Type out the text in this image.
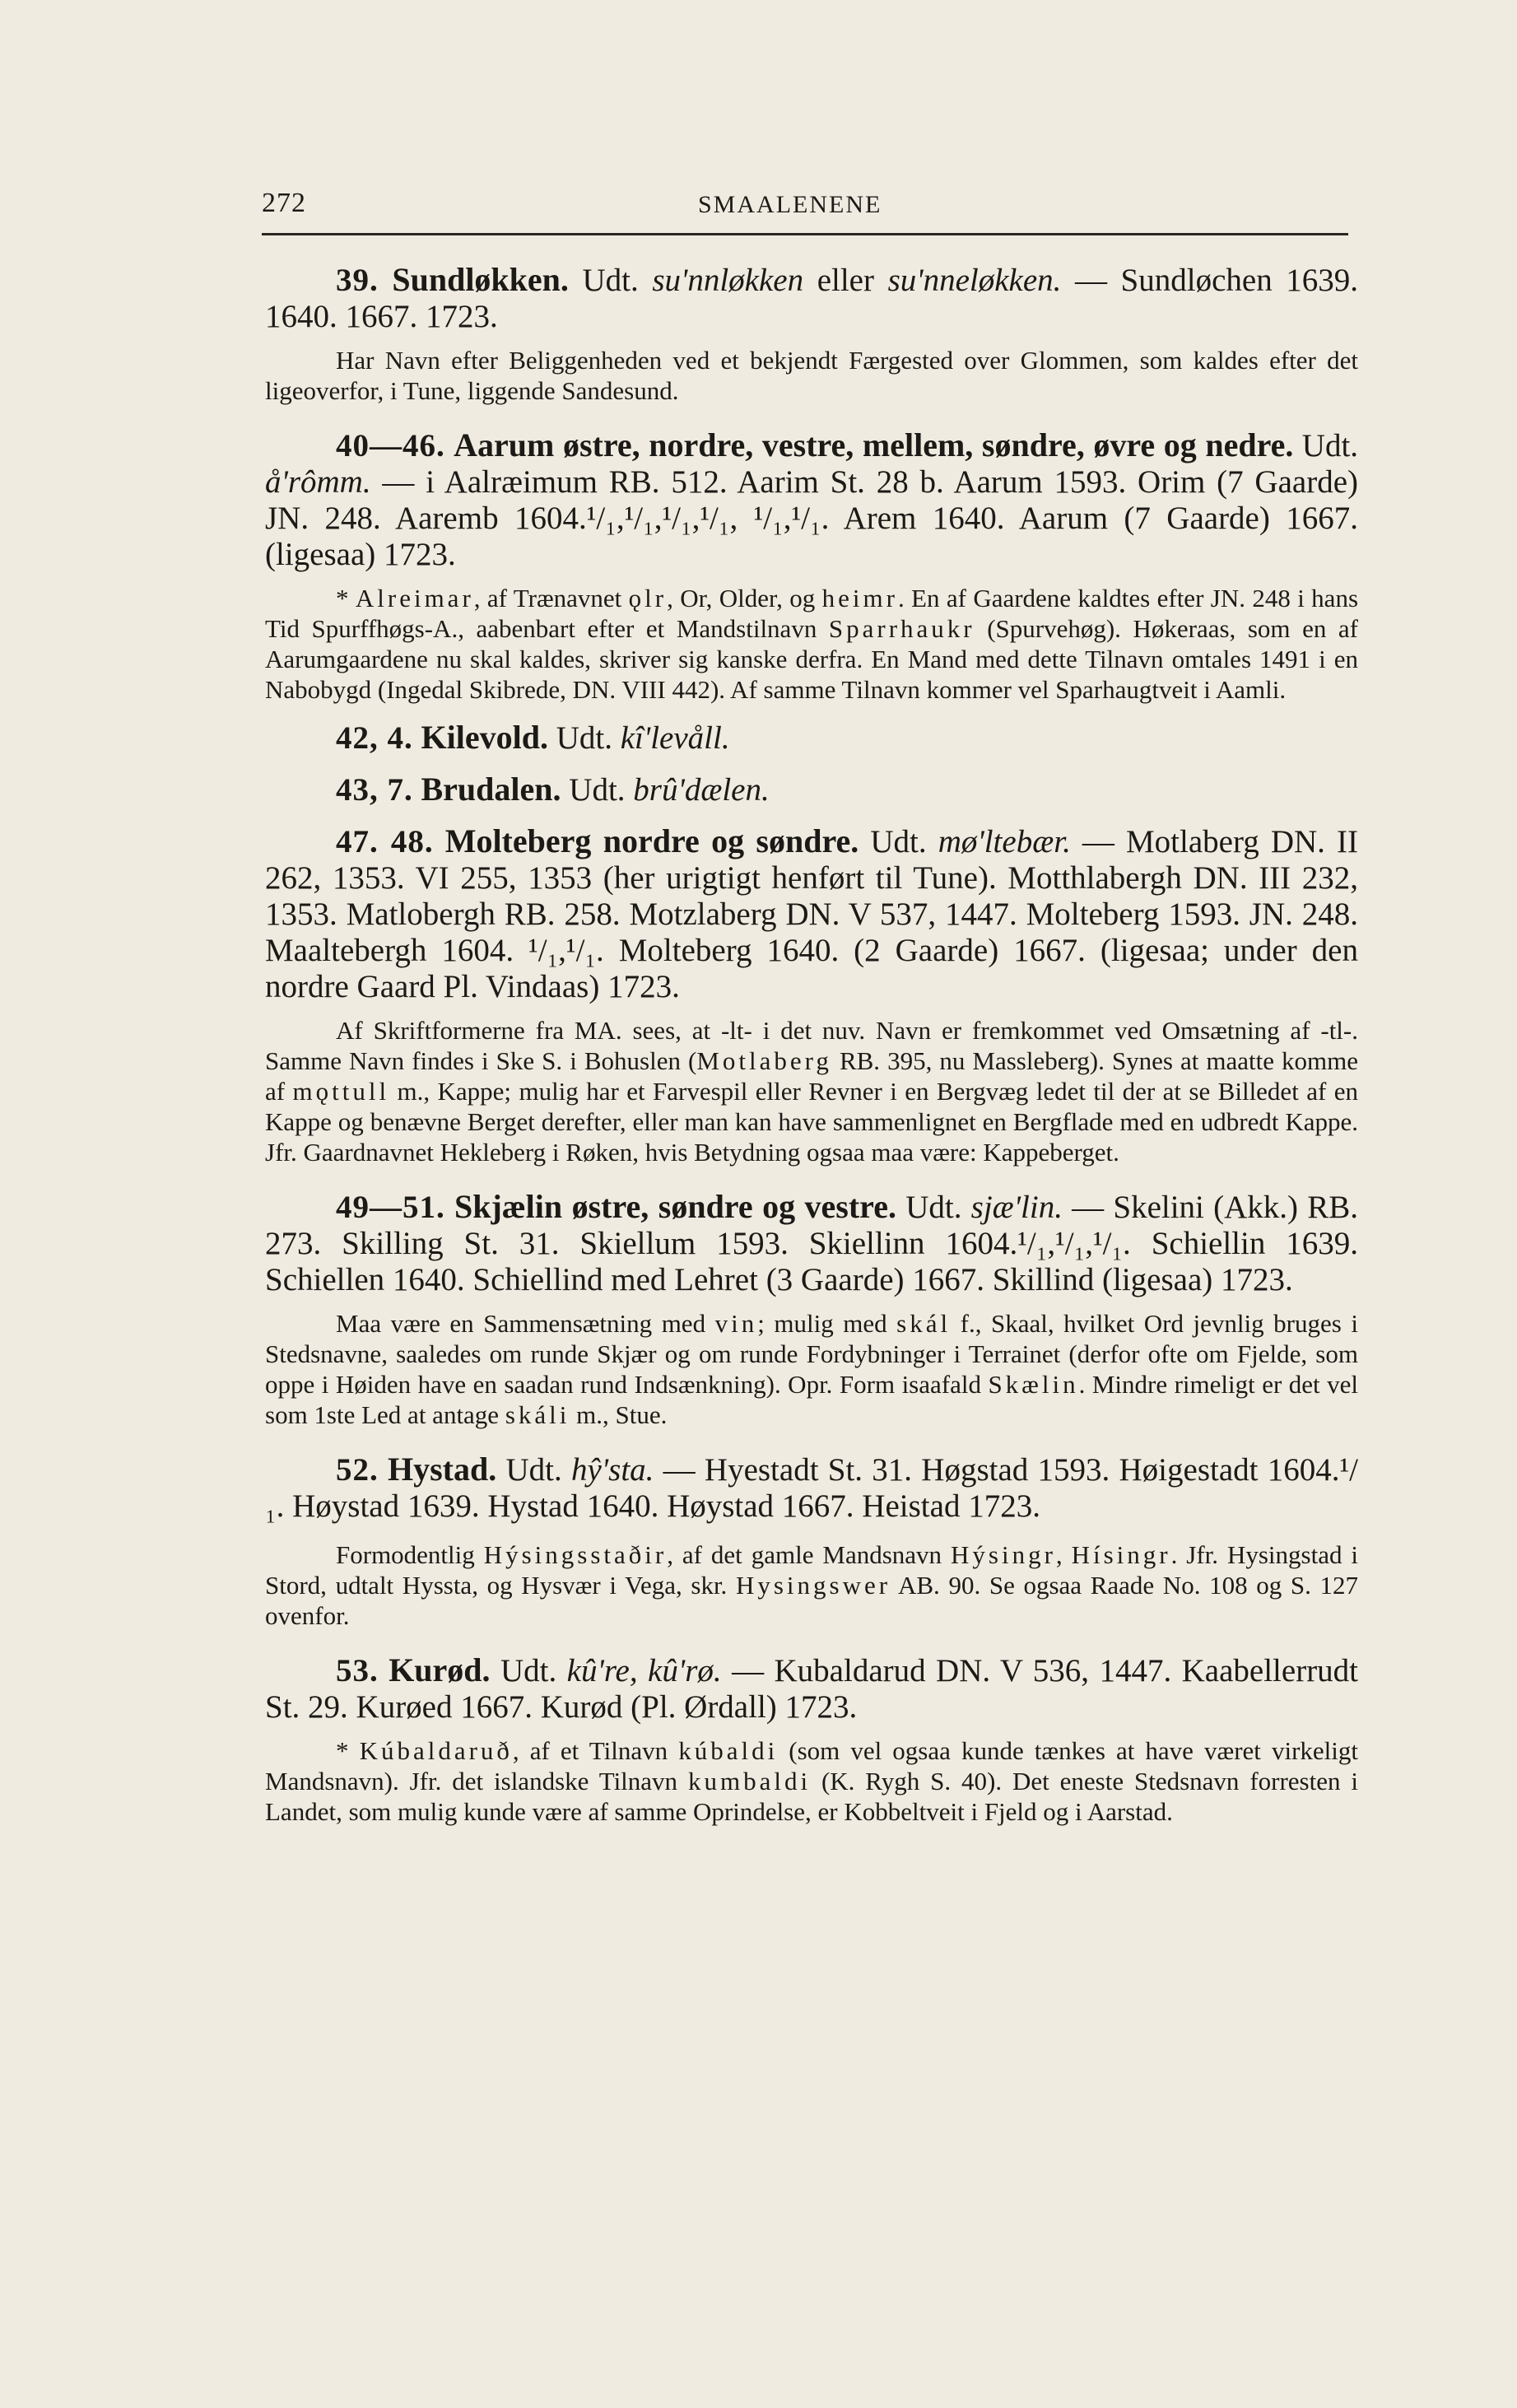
272	SMAALENENE

39. Sundløkken. Udt. su'nnløkken eller su'nneløkken. — Sundløchen 1639. 1640. 1667. 1723.

Har Navn efter Beliggenheden ved et bekjendt Færgested over Glommen, som kaldes efter det ligeoverfor, i Tune, liggende Sandesund.

40—46. Aarum østre, nordre, vestre, mellem, søndre, øvre og nedre. Udt. å'rômm. — i Aalræimum RB. 512. Aarim St. 28 b. Aarum 1593. Orim (7 Gaarde) JN. 248. Aaremb 1604.¹/₁,¹/₁,¹/₁,¹/₁, ¹/₁,¹/₁. Arem 1640. Aarum (7 Gaarde) 1667. (ligesaa) 1723.

* Alreimar, af Trænavnet ǫlr, Or, Older, og heimr. En af Gaardene kaldtes efter JN. 248 i hans Tid Spurffhøgs-A., aabenbart efter et Mandstilnavn Sparrhaukr (Spurvehøg). Høkeraas, som en af Aarumgaardene nu skal kaldes, skriver sig kanske derfra. En Mand med dette Tilnavn omtales 1491 i en Nabobygd (Ingedal Skibrede, DN. VIII 442). Af samme Tilnavn kommer vel Sparhaugtveit i Aamli.

42, 4. Kilevold. Udt. kî'levåll.

43, 7. Brudalen. Udt. brû'dælen.

47. 48. Molteberg nordre og søndre. Udt. mø'ltebær. — Motlaberg DN. II 262, 1353. VI 255, 1353 (her urigtigt henført til Tune). Motthlabergh DN. III 232, 1353. Matlobergh RB. 258. Motzlaberg DN. V 537, 1447. Molteberg 1593. JN. 248. Maaltebergh 1604. ¹/₁,¹/₁. Molteberg 1640. (2 Gaarde) 1667. (ligesaa; under den nordre Gaard Pl. Vindaas) 1723.

Af Skriftformerne fra MA. sees, at -lt- i det nuv. Navn er fremkommet ved Omsætning af -tl-. Samme Navn findes i Ske S. i Bohuslen (Motlaberg RB. 395, nu Massleberg). Synes at maatte komme af mǫttull m., Kappe; mulig har et Farvespil eller Revner i en Bergvæg ledet til der at se Billedet af en Kappe og benævne Berget derefter, eller man kan have sammenlignet en Bergflade med en udbredt Kappe. Jfr. Gaardnavnet Hekleberg i Røken, hvis Betydning ogsaa maa være: Kappeberget.

49—51. Skjælin østre, søndre og vestre. Udt. sjæ'lin. — Skelini (Akk.) RB. 273. Skilling St. 31. Skiellum 1593. Skiellinn 1604.¹/₁,¹/₁,¹/₁. Schiellin 1639. Schiellen 1640. Schiellind med Lehret (3 Gaarde) 1667. Skillind (ligesaa) 1723.

Maa være en Sammensætning med vin; mulig med skál f., Skaal, hvilket Ord jevnlig bruges i Stedsnavne, saaledes om runde Skjær og om runde Fordybninger i Terrainet (derfor ofte om Fjelde, som oppe i Høiden have en saadan rund Indsænkning). Opr. Form isaafald Skælin. Mindre rimeligt er det vel som 1ste Led at antage skáli m., Stue.

52. Hystad. Udt. hŷ'sta. — Hyestadt St. 31. Høgstad 1593. Høigestadt 1604.¹/₁. Høystad 1639. Hystad 1640. Høystad 1667. Heistad 1723.

Formodentlig Hýsingsstaðir, af det gamle Mandsnavn Hýsingr, Hísingr. Jfr. Hysingstad i Stord, udtalt Hyssta, og Hysvær i Vega, skr. Hysingswer AB. 90. Se ogsaa Raade No. 108 og S. 127 ovenfor.

53. Kurød. Udt. kû're, kû'rø. — Kubaldarud DN. V 536, 1447. Kaabellerrudt St. 29. Kurøed 1667. Kurød (Pl. Ørdall) 1723.

* Kúbaldaruð, af et Tilnavn kúbaldi (som vel ogsaa kunde tænkes at have været virkeligt Mandsnavn). Jfr. det islandske Tilnavn kumbaldi (K. Rygh S. 40). Det eneste Stedsnavn forresten i Landet, som mulig kunde være af samme Oprindelse, er Kobbeltveit i Fjeld og i Aarstad.
